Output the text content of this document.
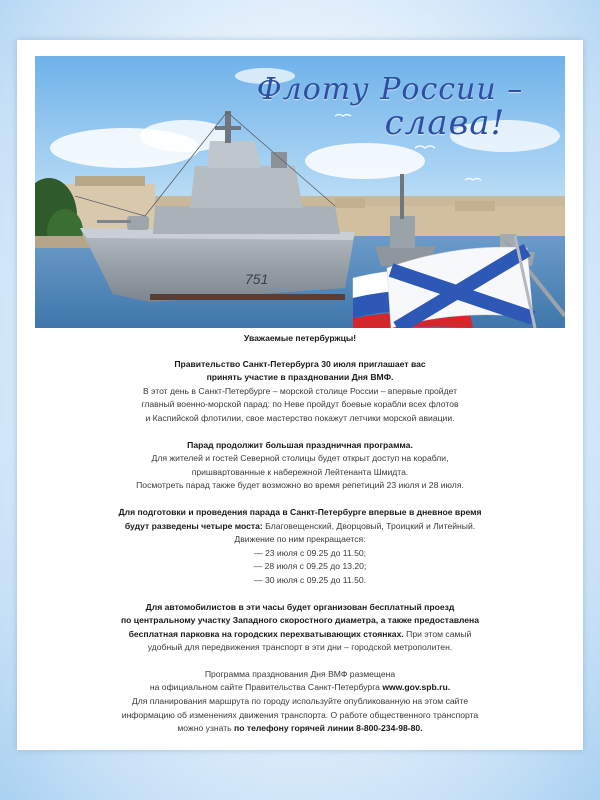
751
Флоту России –
слава!

Уважаемые петербуржцы!

Правительство Санкт-Петербурга 30 июля приглашает вас
принять участие в праздновании Дня ВМФ.
В этот день в Санкт-Петербурге – морской столице России – впервые пройдет
главный военно-морской парад: по Неве пройдут боевые корабли всех флотов
и Каспийской флотилии, свое мастерство покажут летчики морской авиации.

Парад продолжит большая праздничная программа.
Для жителей и гостей Северной столицы будет открыт доступ на корабли,
пришвартованные к набережной Лейтенанта Шмидта.
Посмотреть парад также будет возможно во время репетиций 23 июля и 28 июля.

Для подготовки и проведения парада в Санкт-Петербурге впервые в дневное время
будут разведены четыре моста: Благовещенский, Дворцовый, Троицкий и Литейный.
Движение по ним прекращается:
— 23 июля с 09.25 до 11.50;
— 28 июля с 09.25 до 13.20;
— 30 июля с 09.25 до 11.50.

Для автомобилистов в эти часы будет организован бесплатный проезд
по центральному участку Западного скоростного диаметра, а также предоставлена
бесплатная парковка на городских перехватывающих стоянках. При этом самый
удобный для передвижения транспорт в эти дни – городской метрополитен.

Программа празднования Дня ВМФ размещена
на официальном сайте Правительства Санкт-Петербурга www.gov.spb.ru.
Для планирования маршрута по городу используйте опубликованную на этом сайте
информацию об изменениях движения транспорта. О работе общественного транспорта
можно узнать по телефону горячей линии 8-800-234-98-80.
